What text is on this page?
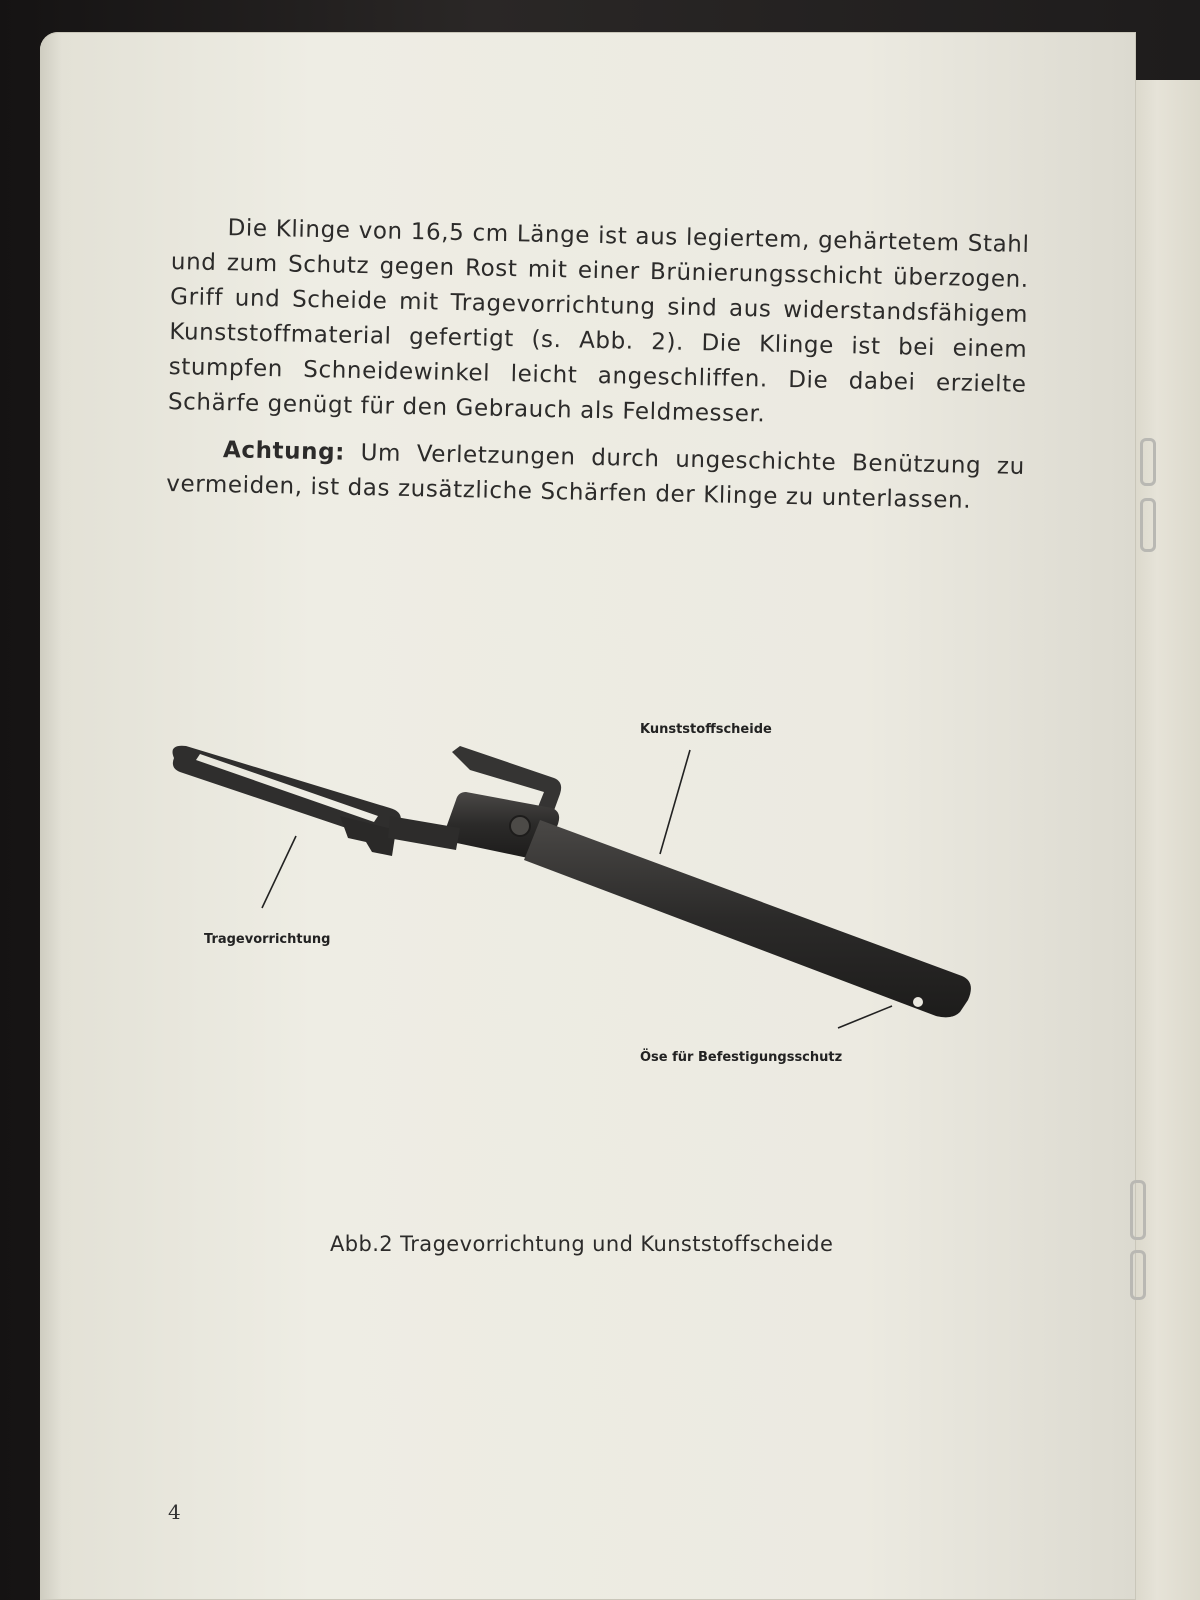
Die Klinge von 16,5 cm Länge ist aus legiertem, gehärtetem Stahl und zum Schutz gegen Rost mit einer Brünierungsschicht überzogen. Griff und Scheide mit Tragevorrichtung sind aus widerstandsfähigem Kunststoffmaterial gefertigt (s. Abb. 2). Die Klinge ist bei einem stumpfen Schneidewinkel leicht angeschliffen. Die dabei erzielte Schärfe genügt für den Gebrauch als Feldmesser.

Achtung: Um Verletzungen durch ungeschichte Benützung zu vermeiden, ist das zusätzliche Schärfen der Klinge zu unterlassen.

Kunststoffscheide
Tragevorrichtung
Öse für Befestigungsschutz
Abb.2 Tragevorrichtung und Kunststoffscheide
4
